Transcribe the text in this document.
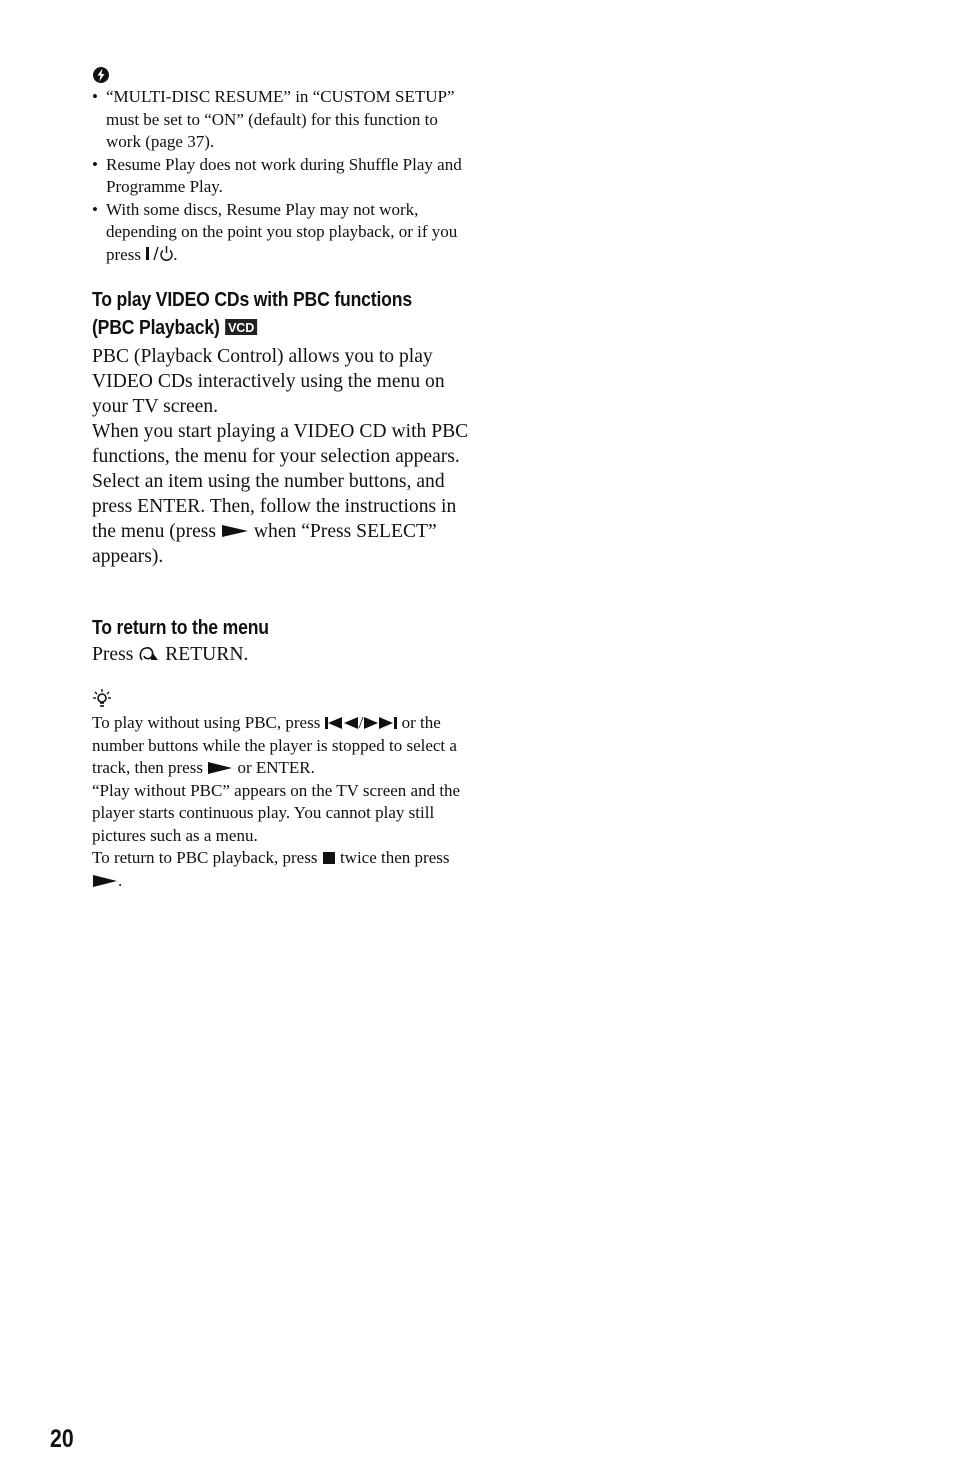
• “MULTI-DISC RESUME” in “CUSTOM SETUP” must be set to “ON” (default) for this function to work (page 37).
• Resume Play does not work during Shuffle Play and Programme Play.
• With some discs, Resume Play may not work, depending on the point you stop playback, or if you press .
To play VIDEO CDs with PBC functions
(PBC Playback) VCD

PBC (Playback Control) allows you to play VIDEO CDs interactively using the menu on your TV screen.

When you start playing a VIDEO CD with PBC functions, the menu for your selection appears.

Select an item using the number buttons, and press ENTER. Then, follow the instructions in the menu (press  when “Press SELECT” appears).

To return to the menu
Press  RETURN.

To play without using PBC, press / or the number buttons while the player is stopped to select a track, then press  or ENTER.

“Play without PBC” appears on the TV screen and the player starts continuous play. You cannot play still pictures such as a menu.

To return to PBC playback, press  twice then press .

20
